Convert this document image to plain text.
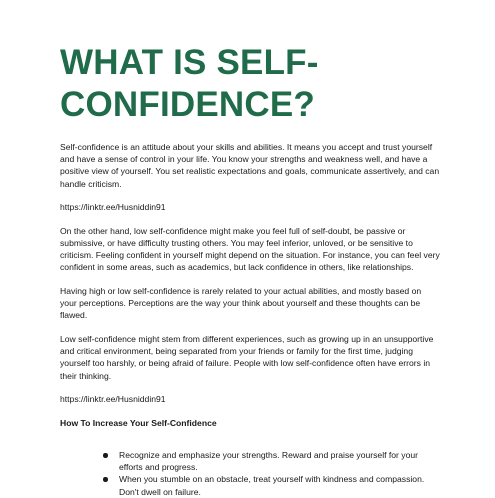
WHAT IS SELF-
CONFIDENCE?

Self-confidence is an attitude about your skills and abilities. It means you accept and trust yourself and have a sense of control in your life. You know your strengths and weakness well, and have a positive view of yourself. You set realistic expectations and goals, communicate assertively, and can handle criticism.

https://linktr.ee/Husniddin91

On the other hand, low self-confidence might make you feel full of self-doubt, be passive or submissive, or have difficulty trusting others. You may feel inferior, unloved, or be sensitive to criticism. Feeling confident in yourself might depend on the situation. For instance, you can feel very confident in some areas, such as academics, but lack confidence in others, like relationships.

Having high or low self-confidence is rarely related to your actual abilities, and mostly based on your perceptions. Perceptions are the way your think about yourself and these thoughts can be flawed.

Low self-confidence might stem from different experiences, such as growing up in an unsupportive and critical environment, being separated from your friends or family for the first time, judging yourself too harshly, or being afraid of failure. People with low self-confidence often have errors in their thinking.

https://linktr.ee/Husniddin91

How To Increase Your Self-Confidence

Recognize and emphasize your strengths. Reward and praise yourself for your efforts and progress.
When you stumble on an obstacle, treat yourself with kindness and compassion. Don't dwell on failure.
